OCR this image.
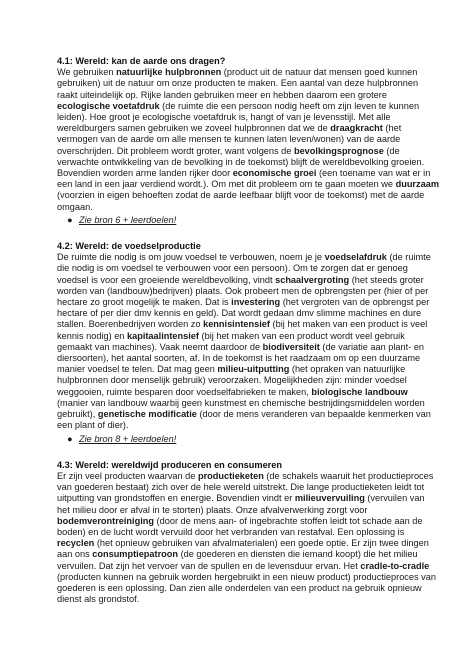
4.1: Wereld: kan de aarde ons dragen?

We gebruiken natuurlijke hulpbronnen (product uit de natuur dat mensen goed kunnen gebruiken) uit de natuur om onze producten te maken. Een aantal van deze hulpbronnen raakt uiteindelijk op. Rijke landen gebruiken meer en hebben daarom een grotere ecologische voetafdruk (de ruimte die een persoon nodig heeft om zijn leven te kunnen leiden). Hoe groot je ecologische voetafdruk is, hangt of van je levensstijl. Met alle wereldburgers samen gebruiken we zoveel hulpbronnen dat we de draagkracht (het vermogen van de aarde om alle mensen te kunnen laten leven/wonen) van de aarde overschrijden. Dit probleem wordt groter, want volgens de bevolkingsprognose (de verwachte ontwikkeling van de bevolking in de toekomst) blijft de wereldbevolking groeien. Bovendien worden arme landen rijker door economische groei (een toename van wat er in een land in een jaar verdiend wordt.). Om met dit probleem om te gaan moeten we duurzaam (voorzien in eigen behoeften zodat de aarde leefbaar blijft voor de toekomst) met de aarde omgaan.

● Zie bron 6 + leerdoelen!
4.2: Wereld: de voedselproductie

De ruimte die nodig is om jouw voedsel te verbouwen, noem je je voedselafdruk (de ruimte die nodig is om voedsel te verbouwen voor een persoon). Om te zorgen dat er genoeg voedsel is voor een groeiende wereldbevolking, vindt schaalvergroting (het steeds groter worden van (landbouw)bedrijven) plaats. Ook probeert men de opbrengsten per (hier of per hectare zo groot mogelijk te maken. Dat is investering (het vergroten van de opbrengst per hectare of per dier dmv kennis en geld). Dat wordt gedaan dmv slimme machines en dure stallen. Boerenbedrijven worden zo kennisintensief (bij het maken van een product is veel kennis nodig) en kapitaalintensief (bij het maken van een product wordt veel gebruik gemaakt van machines). Vaak neemt daardoor de biodiversiteit (de variatie aan plant- en diersoorten), het aantal soorten, af. In de toekomst is het raadzaam om op een duurzame manier voedsel te telen. Dat mag geen milieu-uitputting (het opraken van natuurlijke hulpbronnen door menselijk gebruik) veroorzaken. Mogelijkheden zijn: minder voedsel weggooien, ruimte besparen door voedselfabrieken te maken, biologische landbouw (manier van landbouw waarbij geen kunstmest en chemische bestrijdingsmiddelen worden gebruikt), genetische modificatie (door de mens veranderen van bepaalde kenmerken van een plant of dier).

● Zie bron 8 + leerdoelen!
4.3: Wereld: wereldwijd produceren en consumeren

Er zijn veel producten waarvan de productieketen (de schakels waaruit het productieproces van goederen bestaat) zich over de hele wereld uitstrekt. Die lange productieketen leidt tot uitputting van grondstoffen en energie. Bovendien vindt er milieuvervuiling (vervuilen van het milieu door er afval in te storten) plaats. Onze afvalverwerking zorgt voor bodemverontreiniging (door de mens aan- of ingebrachte stoffen leidt tot schade aan de boden) en de lucht wordt vervuild door het verbranden van restafval. Een oplossing is recyclen (het opnieuw gebruiken van afvalmaterialen) een goede optie. Er zijn twee dingen aan ons consumptiepatroon (de goederen en diensten die iemand koopt) die het milieu vervuilen. Dat zijn het vervoer van de spullen en de levensduur ervan. Het cradle-to-cradle (producten kunnen na gebruik worden hergebruikt in een nieuw product) productieproces van goederen is een oplossing. Dan zien alle onderdelen van een product na gebruik opnieuw dienst als grondstof.
